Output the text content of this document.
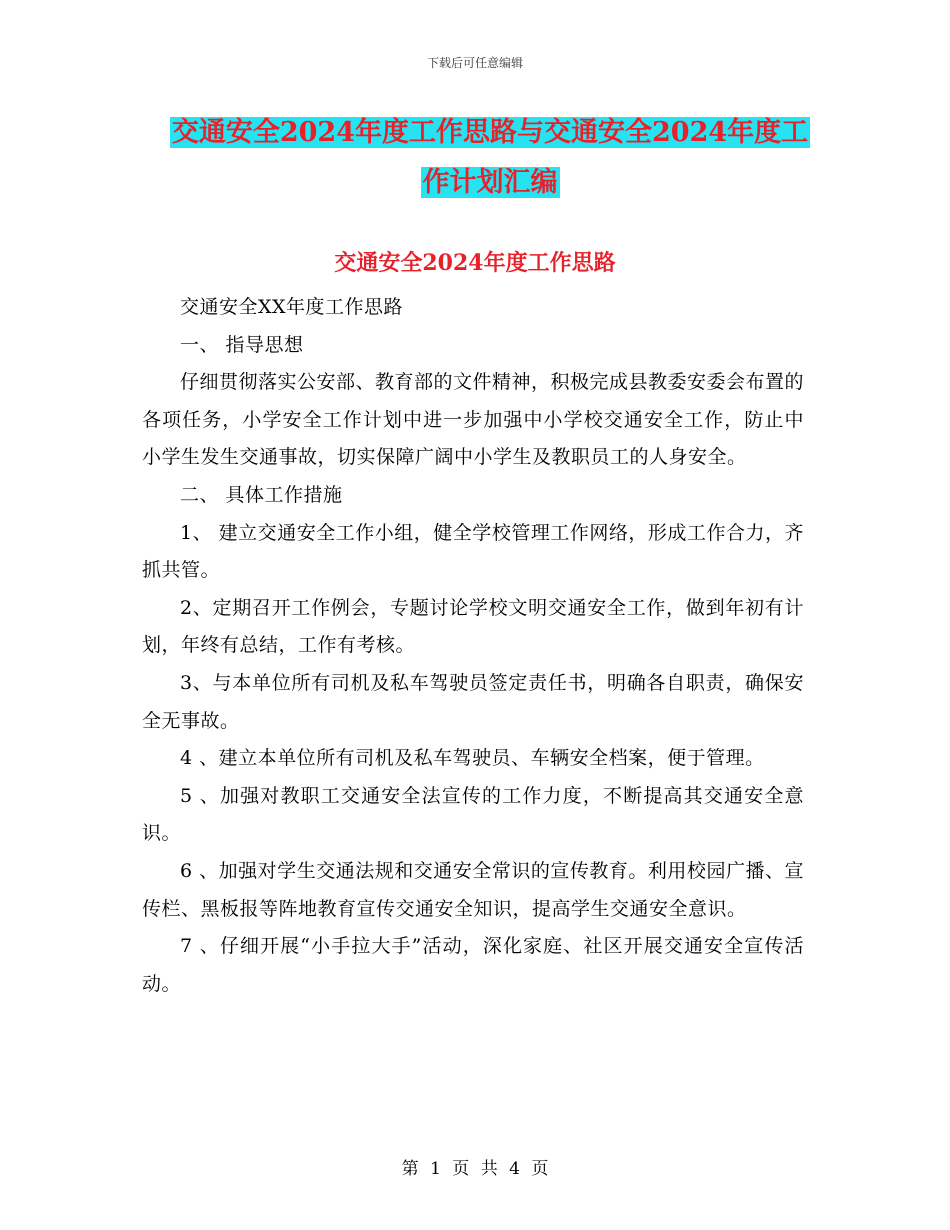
下载后可任意编辑
交通安全2024年度工作思路与交通安全2024年度工
作计划汇编
交通安全2024年度工作思路

交通安全XX年度工作思路

一、 指导思想

仔细贯彻落实公安部、教育部的文件精神，积极完成县教委安委会布置的各项任务，小学安全工作计划中进一步加强中小学校交通安全工作，防止中小学生发生交通事故，切实保障广阔中小学生及教职员工的人身安全。

二、 具体工作措施

1、 建立交通安全工作小组，健全学校管理工作网络，形成工作合力，齐抓共管。

2、定期召开工作例会，专题讨论学校文明交通安全工作，做到年初有计划，年终有总结，工作有考核。

3、与本单位所有司机及私车驾驶员签定责任书，明确各自职责，确保安全无事故。

4 、建立本单位所有司机及私车驾驶员、车辆安全档案，便于管理。

5 、加强对教职工交通安全法宣传的工作力度，不断提高其交通安全意识。

6 、加强对学生交通法规和交通安全常识的宣传教育。利用校园广播、宣传栏、黑板报等阵地教育宣传交通安全知识，提高学生交通安全意识。

7 、仔细开展“小手拉大手”活动，深化家庭、社区开展交通安全宣传活动。

第 1 页 共 4 页
